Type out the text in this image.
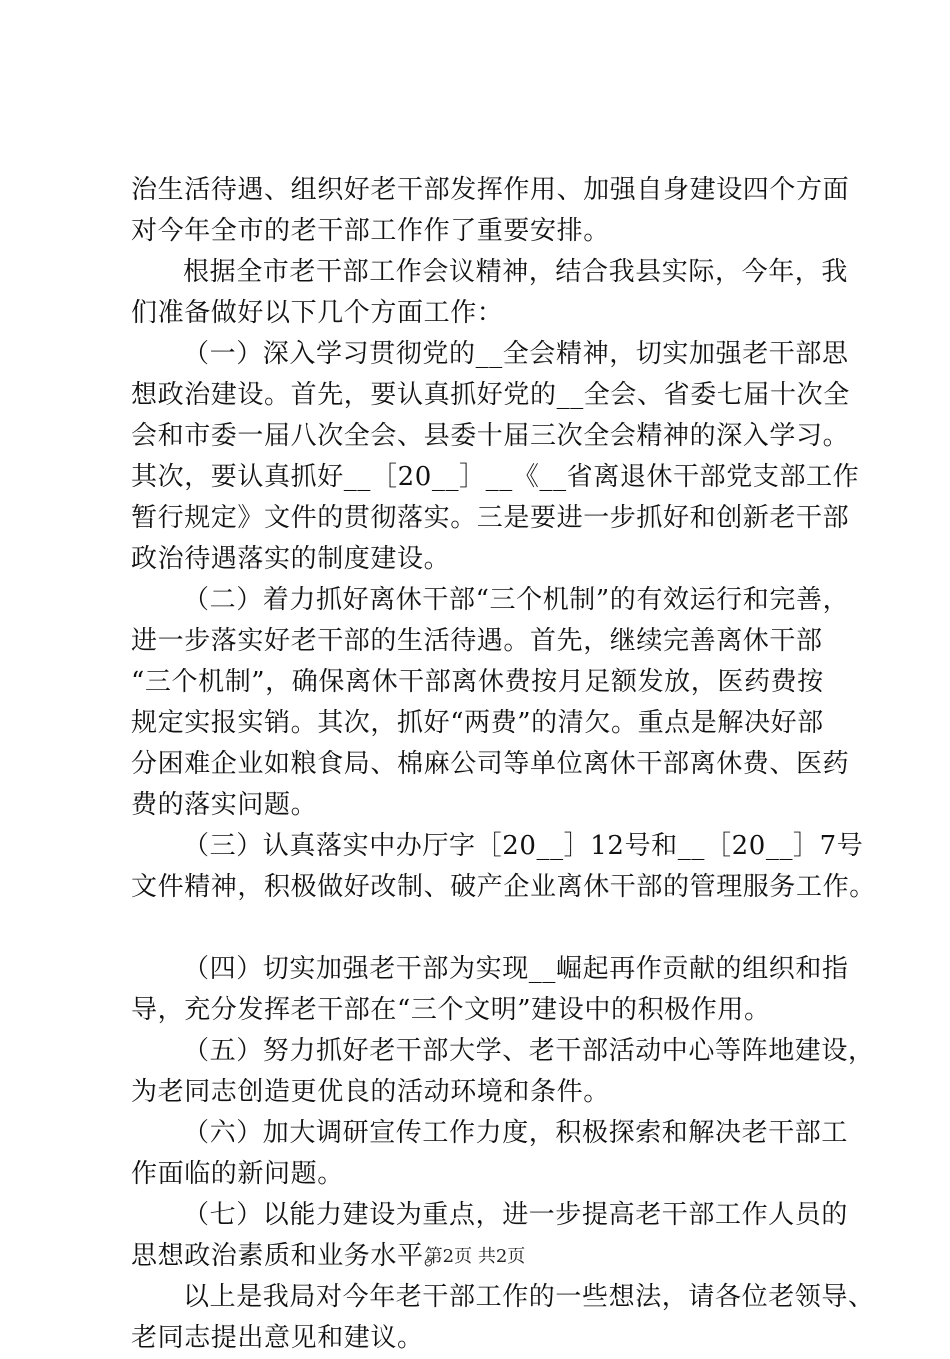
治生活待遇、组织好老干部发挥作用、加强自身建设四个方面
对今年全市的老干部工作作了重要安排。
根据全市老干部工作会议精神，结合我县实际，今年，我
们准备做好以下几个方面工作：
（一）深入学习贯彻党的__全会精神，切实加强老干部思
想政治建设。首先，要认真抓好党的__全会、省委七届十次全
会和市委一届八次全会、县委十届三次全会精神的深入学习。
其次，要认真抓好__［20__］__《__省离退休干部党支部工作
暂行规定》文件的贯彻落实。三是要进一步抓好和创新老干部
政治待遇落实的制度建设。
（二）着力抓好离休干部“三个机制”的有效运行和完善，
进一步落实好老干部的生活待遇。首先，继续完善离休干部
“三个机制”，确保离休干部离休费按月足额发放，医药费按
规定实报实销。其次，抓好“两费”的清欠。重点是解决好部
分困难企业如粮食局、棉麻公司等单位离休干部离休费、医药
费的落实问题。
（三）认真落实中办厅字［20__］12号和__［20__］7号
文件精神，积极做好改制、破产企业离休干部的管理服务工作。
（四）切实加强老干部为实现__崛起再作贡献的组织和指
导，充分发挥老干部在“三个文明”建设中的积极作用。
（五）努力抓好老干部大学、老干部活动中心等阵地建设，
为老同志创造更优良的活动环境和条件。
（六）加大调研宣传工作力度，积极探索和解决老干部工
作面临的新问题。
（七）以能力建设为重点，进一步提高老干部工作人员的
思想政治素质和业务水平。
以上是我局对今年老干部工作的一些想法，请各位老领导、
老同志提出意见和建议。
第2页 共2页
